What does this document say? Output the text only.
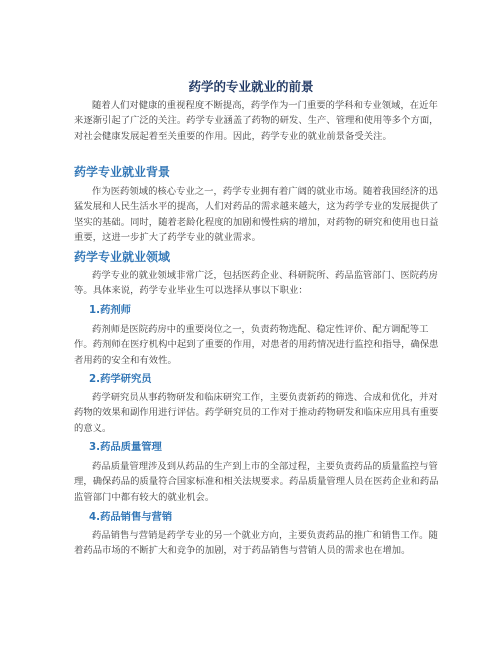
药学的专业就业的前景

随着人们对健康的重视程度不断提高，药学作为一门重要的学科和专业领域，在近年来逐渐引起了广泛的关注。药学专业涵盖了药物的研发、生产、管理和使用等多个方面，对社会健康发展起着至关重要的作用。因此，药学专业的就业前景备受关注。

药学专业就业背景

作为医药领域的核心专业之一，药学专业拥有着广阔的就业市场。随着我国经济的迅猛发展和人民生活水平的提高，人们对药品的需求越来越大，这为药学专业的发展提供了坚实的基础。同时，随着老龄化程度的加剧和慢性病的增加，对药物的研究和使用也日益重要，这进一步扩大了药学专业的就业需求。

药学专业就业领域

药学专业的就业领域非常广泛，包括医药企业、科研院所、药品监管部门、医院药房等。具体来说，药学专业毕业生可以选择从事以下职业：

1.药剂师

药剂师是医院药房中的重要岗位之一，负责药物选配、稳定性评价、配方调配等工作。药剂师在医疗机构中起到了重要的作用，对患者的用药情况进行监控和指导，确保患者用药的安全和有效性。

2.药学研究员

药学研究员从事药物研发和临床研究工作，主要负责新药的筛选、合成和优化，并对药物的效果和副作用进行评估。药学研究员的工作对于推动药物研发和临床应用具有重要的意义。

3.药品质量管理

药品质量管理涉及到从药品的生产到上市的全部过程，主要负责药品的质量监控与管理，确保药品的质量符合国家标准和相关法规要求。药品质量管理人员在医药企业和药品监管部门中都有较大的就业机会。

4.药品销售与营销

药品销售与营销是药学专业的另一个就业方向，主要负责药品的推广和销售工作。随着药品市场的不断扩大和竞争的加剧，对于药品销售与营销人员的需求也在增加。
